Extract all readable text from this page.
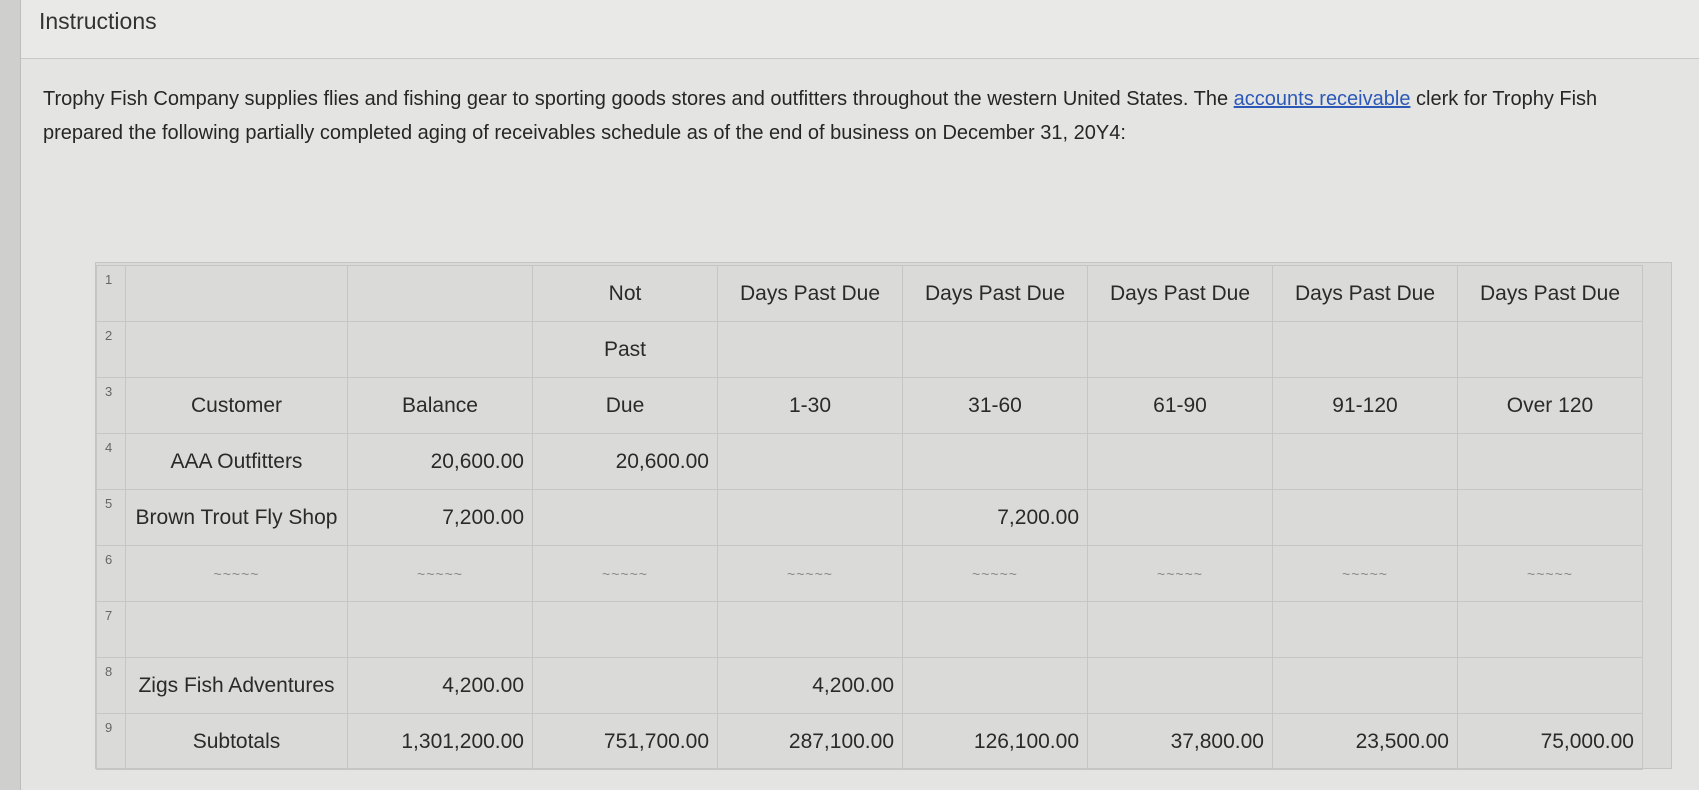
Instructions
Trophy Fish Company supplies flies and fishing gear to sporting goods stores and outfitters throughout the western United States. The accounts receivable clerk for Trophy Fish prepared the following partially completed aging of receivables schedule as of the end of business on December 31, 20Y4:
1			Not	Days Past Due	Days Past Due	Days Past Due	Days Past Due	Days Past Due
2			Past					
3	Customer	Balance	Due	1-30	31-60	61-90	91-120	Over 120
4	AAA Outfitters	20,600.00	20,600.00					
5	Brown Trout Fly Shop	7,200.00			7,200.00			
6	~~~~~	~~~~~	~~~~~	~~~~~	~~~~~	~~~~~	~~~~~	~~~~~
7								
8	Zigs Fish Adventures	4,200.00		4,200.00				
9	Subtotals	1,301,200.00	751,700.00	287,100.00	126,100.00	37,800.00	23,500.00	75,000.00
